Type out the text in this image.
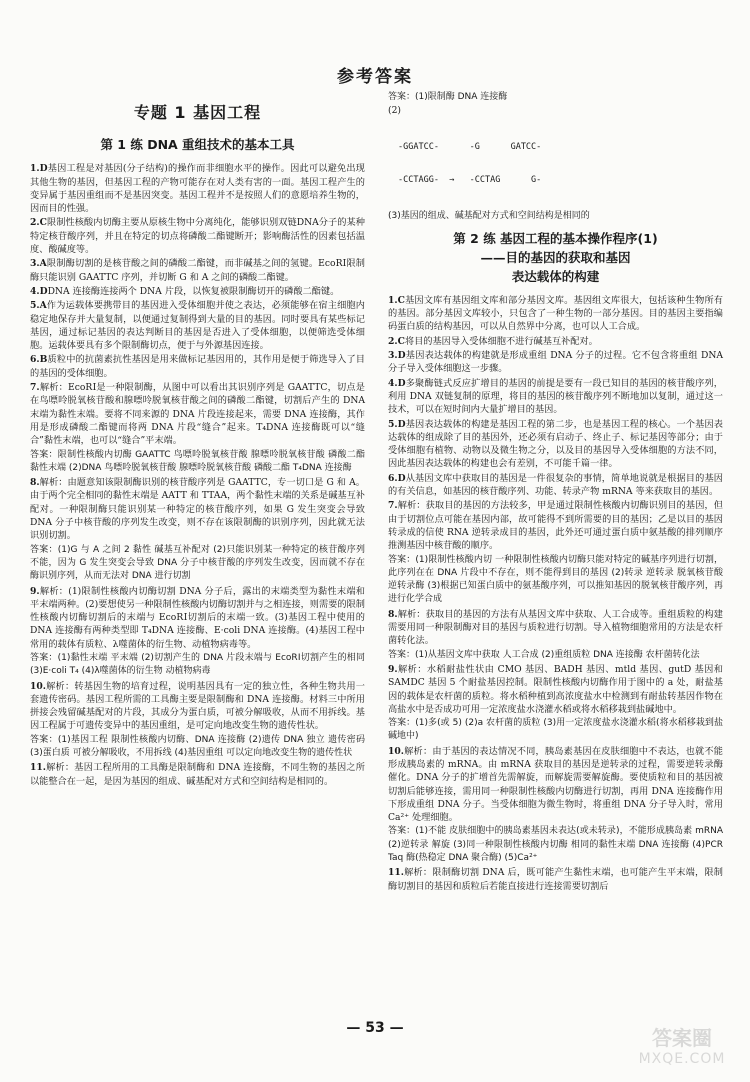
参考答案
专题 1 基因工程
第 1 练 DNA 重组技术的基本工具
1.D基因工程是对基因(分子结构)的操作而非细胞水平的操作。因此可以避免出现其他生物的基因，但基因工程的产物可能存在对人类有害的一面。基因工程产生的变异属于基因重组而不是基因突变。基因工程并不是按照人们的意愿培养生物的，因而目的性强。
2.C限制性核酸内切酶主要从原核生物中分离纯化，能够识别双链DNA分子的某种特定核苷酸序列，并且在特定的切点将磷酸二酯键断开；影响酶活性的因素包括温度、酸碱度等。
3.A限制酶切割的是核苷酸之间的磷酸二酯键，而非碱基之间的氢键。EcoRⅠ限制酶只能识别 GAATTC 序列，并切断 G 和 A 之间的磷酸二酯键。
4.DDNA 连接酶连接两个 DNA 片段，以恢复被限制酶切开的磷酸二酯键。
5.A作为运载体要携带目的基因进入受体细胞并使之表达，必须能够在宿主细胞内稳定地保存并大量复制，以便通过复制得到大量的目的基因。同时要具有某些标记基因，通过标记基因的表达判断目的基因是否进入了受体细胞，以便筛选受体细胞。运载体要具有多个限制酶切点，便于与外源基因连接。
6.B质粒中的抗菌素抗性基因是用来做标记基因用的，其作用是便于筛选导入了目的基因的受体细胞。
7.解析：EcoRⅠ是一种限制酶，从图中可以看出其识别序列是 GAATTC，切点是在鸟嘌呤脱氧核苷酸和腺嘌呤脱氧核苷酸之间的磷酸二酯键，切割后产生的 DNA 末端为黏性末端。要将不同来源的 DNA 片段连接起来，需要 DNA 连接酶，其作用是形成磷酸二酯键而将两 DNA 片段“缝合”起来。T₄DNA 连接酶既可以“缝合”黏性末端，也可以“缝合”平末端。
答案：限制性核酸内切酶 GAATTC 鸟嘌呤脱氧核苷酸 腺嘌呤脱氧核苷酸 磷酸二酯 黏性末端 (2)DNA 鸟嘌呤脱氧核苷酸 腺嘌呤脱氧核苷酸 磷酸二酯 T₄DNA 连接酶
8.解析：由题意知该限制酶识别的核苷酸序列是 GAATTC，专一切口是 G 和 A。由于两个完全相同的黏性末端是 AATT 和 TTAA，两个黏性末端的关系是碱基互补配对。一种限制酶只能识别某一种特定的核苷酸序列，如果 G 发生突变会导致 DNA 分子中核苷酸的序列发生改变，则不存在该限制酶的识别序列，因此就无法识别切割。
答案：(1)G 与 A 之间 2 黏性 碱基互补配对 (2)只能识别某一种特定的核苷酸序列 不能，因为 G 发生突变会导致 DNA 分子中核苷酸的序列发生改变，因而就不存在酶识别序列，从而无法对 DNA 进行切割
9.解析：(1)限制性核酸内切酶切割 DNA 分子后，露出的末端类型为黏性末端和平末端两种。(2)要想使另一种限制性核酸内切酶切割并与之相连接，则需要的限制性核酸内切酶切割后的末端与 EcoRⅠ切割后的末端一致。(3)基因工程中使用的 DNA 连接酶有两种类型即 T₄DNA 连接酶、E·coli DNA 连接酶。(4)基因工程中常用的载体有质粒、λ噬菌体的衍生物、动植物病毒等。
答案：(1)黏性末端 平末端 (2)切割产生的 DNA 片段末端与 EcoRⅠ切割产生的相同 (3)E·coli T₄ (4)λ噬菌体的衍生物 动植物病毒
10.解析：转基因生物的培育过程，说明基因具有一定的独立性，各种生物共用一套遗传密码。基因工程所需的工具酶主要是限制酶和 DNA 连接酶。材料三中所用拼接会残留碱基配对的片段，其成分为蛋白质，可被分解吸收，从而不用拆线。基因工程属于可遗传变异中的基因重组，是可定向地改变生物的遗传性状。
答案：(1)基因工程 限制性核酸内切酶、DNA 连接酶 (2)遗传 DNA 独立 遗传密码 (3)蛋白质 可被分解吸收，不用拆线 (4)基因重组 可以定向地改变生物的遗传性状
11.解析：基因工程所用的工具酶是限制酶和 DNA 连接酶，不同生物的基因之所以能整合在一起，是因为基因的组成、碱基配对方式和空间结构是相同的。
答案：(1)限制酶 DNA 连接酶
(2)

-GGATCC-      -G      GATCC-

-CCTAGG-  →   -CCTAG      G-

(3)基因的组成、碱基配对方式和空间结构是相同的
第 2 练 基因工程的基本操作程序(1)
——目的基因的获取和基因
表达载体的构建
1.C基因文库有基因组文库和部分基因文库。基因组文库很大，包括该种生物所有的基因。部分基因文库较小，只包含了一种生物的一部分基因。目的基因主要指编码蛋白质的结构基因，可以从自然界中分离，也可以人工合成。
2.C将目的基因导入受体细胞不进行碱基互补配对。
3.D基因表达载体的构建就是形成重组 DNA 分子的过程。它不包含将重组 DNA 分子导入受体细胞这一步骤。
4.D多聚酶链式反应扩增目的基因的前提是要有一段已知目的基因的核苷酸序列，利用 DNA 双链复制的原理，将目的基因的核苷酸序列不断地加以复制，通过这一技术，可以在短时间内大量扩增目的基因。
5.D基因表达载体的构建是基因工程的第二步，也是基因工程的核心。一个基因表达载体的组成除了目的基因外，还必须有启动子、终止子、标记基因等部分；由于受体细胞有植物、动物以及微生物之分，以及目的基因导入受体细胞的方法不同，因此基因表达载体的构建也会有差别，不可能千篇一律。
6.D从基因文库中获取目的基因是一件很复杂的事情，简单地说就是根据目的基因的有关信息，如基因的核苷酸序列、功能、转录产物 mRNA 等来获取目的基因。
7.解析：获取目的基因的方法较多，甲是通过限制性核酸内切酶识别目的基因，但由于切割位点可能在基因内部，故可能得不到所需要的目的基因；乙是以目的基因转录成的信使 RNA 逆转录成目的基因，此外还可通过蛋白质中氨基酸的排列顺序推测基因中核苷酸的顺序。
答案：(1)限制性核酸内切 一种限制性核酸内切酶只能对特定的碱基序列进行切割，此序列在在 DNA 片段中不存在，则不能得到目的基因 (2)转录 逆转录 脱氧核苷酸 逆转录酶 (3)根据已知蛋白质中的氨基酸序列，可以推知基因的脱氧核苷酸序列，再进行化学合成
8.解析：获取目的基因的方法有从基因文库中获取、人工合成等。重组质粒的构建需要用同一种限制酶对目的基因与质粒进行切割。导入植物细胞常用的方法是农杆菌转化法。
答案：(1)从基因文库中获取 人工合成 (2)重组质粒 DNA 连接酶 农杆菌转化法
9.解析：水稻耐盐性状由 CMO 基因、BADH 基因、mtld 基因、gutD 基因和 SAMDC 基因 5 个耐盐基因控制。限制性核酸内切酶作用于图中的 a 处，耐盐基因的载体是农杆菌的质粒。将水稻种植到高浓度盐水中检测到有耐盐转基因作物在高盐水中是否成功可用一定浓度盐水浇灌水稻或将水稻移栽到盐碱地中。
答案：(1)多(或 5) (2)a 农杆菌的质粒 (3)用一定浓度盐水浇灌水稻(将水稻移栽到盐碱地中)
10.解析：由于基因的表达情况不同，胰岛素基因在皮肤细胞中不表达，也就不能形成胰岛素的 mRNA。由 mRNA 获取目的基因是逆转录的过程，需要逆转录酶催化。DNA 分子的扩增首先需解旋，而解旋需要解旋酶。要使质粒和目的基因被切割后能够连接，需用同一种限制性核酸内切酶进行切割，再用 DNA 连接酶作用下形成重组 DNA 分子。当受体细胞为微生物时，将重组 DNA 分子导入时，常用 Ca²⁺ 处理细胞。
答案：(1)不能 皮肤细胞中的胰岛素基因未表达(或未转录)，不能形成胰岛素 mRNA (2)逆转录 解旋 (3)同一种限制性核酸内切酶 相同的黏性末端 DNA 连接酶 (4)PCR Taq 酶(热稳定 DNA 聚合酶) (5)Ca²⁺
11.解析：限制酶切割 DNA 后，既可能产生黏性末端，也可能产生平末端，限制酶切割目的基因和质粒后若能直接进行连接需要切割后
— 53 —	答案圈
MXQE.COM
